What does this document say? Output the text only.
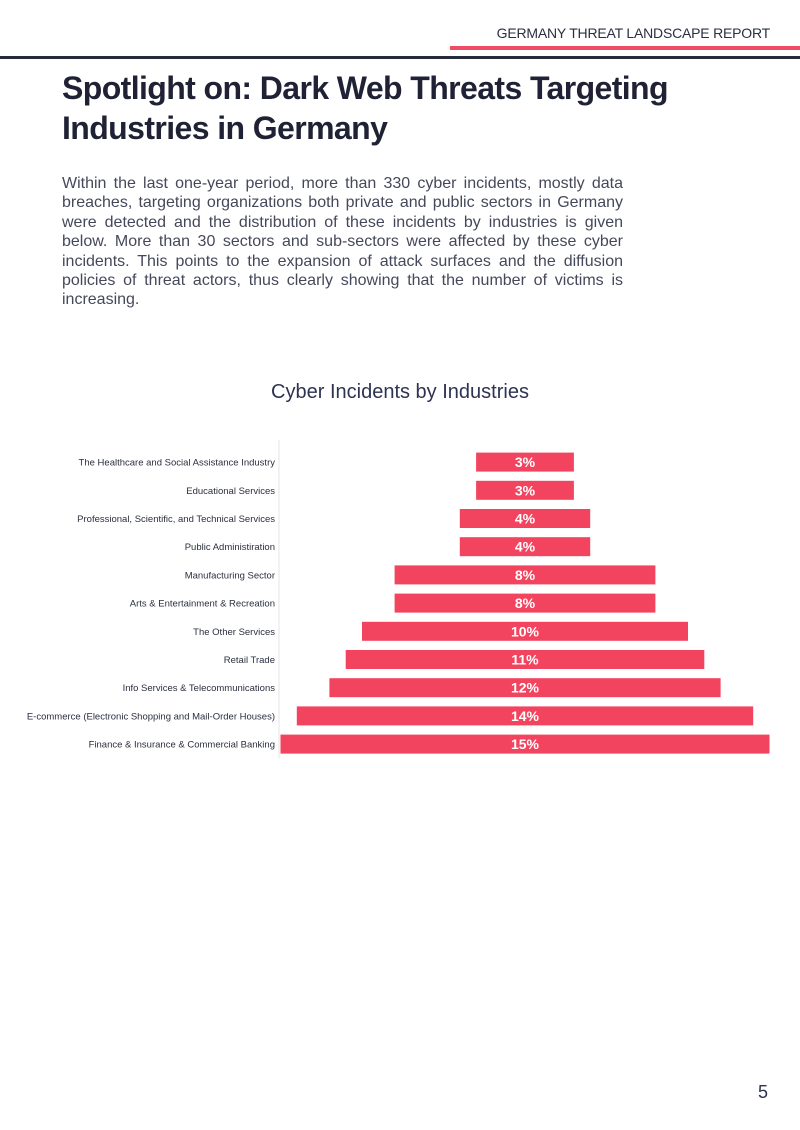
GERMANY THREAT LANDSCAPE REPORT
Spotlight on: Dark Web Threats Targeting Industries in Germany

Within the last one-year period, more than 330 cyber incidents, mostly data breaches, targeting organizations both private and public sectors in Germany were detected and the distribution of these incidents by industries is given below. More than 30 sectors and sub-sectors were affected by these cyber incidents. This points to the expansion of attack surfaces and the diffusion policies of threat actors, thus clearly showing that the number of victims is increasing.

Cyber Incidents by Industries
The Healthcare and Social Assistance Industry	3%
Educational Services	3%
Professional, Scientific, and Technical Services	4%
Public Administiration	4%
Manufacturing Sector	8%
Arts & Entertainment & Recreation	8%
The Other Services	10%
Retail Trade	11%
Info Services & Telecommunications	12%
E-commerce (Electronic Shopping and Mail-Order Houses)	14%
Finance & Insurance & Commercial Banking	15%
5
